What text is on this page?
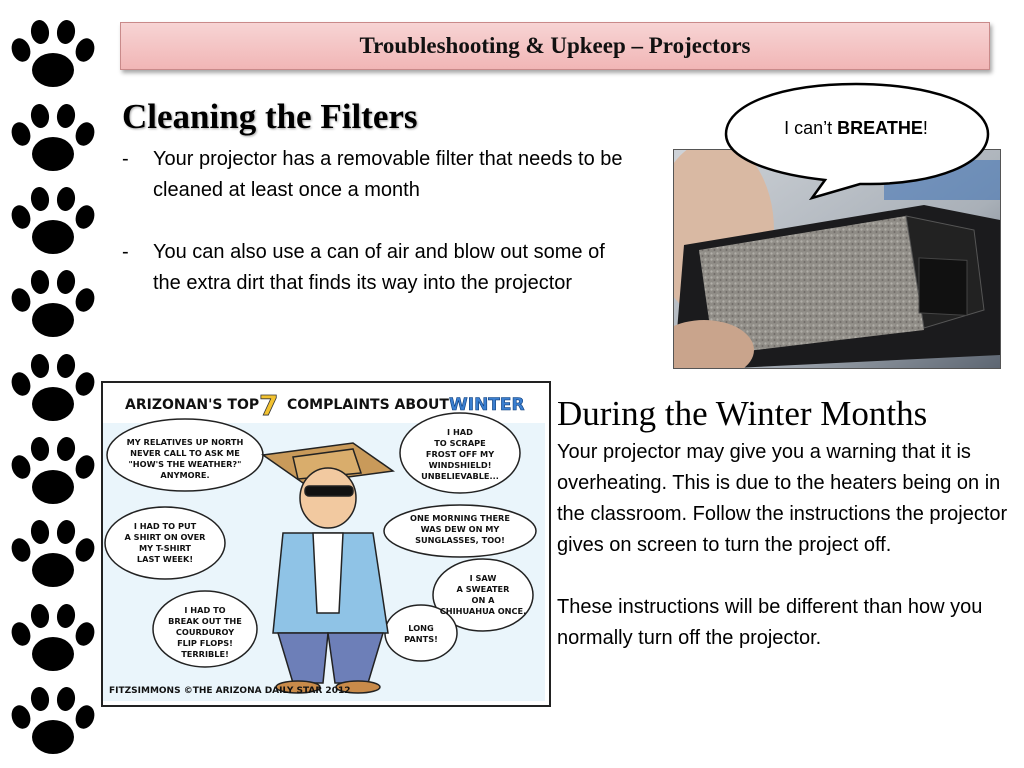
Troubleshooting & Upkeep – Projectors
Cleaning the Filters
- Your projector has a removable filter that needs to be cleaned at least once a month
- You can also use a can of air and blow out some of the extra dirt that finds its way into the projector
I can’t BREATHE!
ARIZONAN'S TOP 7 COMPLAINTS ABOUT WINTER
MY RELATIVES UP NORTH
NEVER CALL TO ASK ME
"HOW'S THE WEATHER?"
ANYMORE.
I HAD
TO SCRAPE
FROST OFF MY
WINDSHIELD!
UNBELIEVABLE...
I HAD TO PUT
A SHIRT ON OVER
MY T-SHIRT
LAST WEEK!
ONE MORNING THERE
WAS DEW ON MY
SUNGLASSES, TOO!
I SAW
A SWEATER
ON A
CHIHUAHUA ONCE.
I HAD TO
BREAK OUT THE
COURDUROY
FLIP FLOPS!
TERRIBLE!
LONG
PANTS!
FITZSIMMONS ©THE ARIZONA DAILY STAR 2012
During the Winter Months

Your projector may give you a warning that it is overheating. This is due to the heaters being on in the classroom. Follow the instructions the projector gives on screen to turn the project off.

These instructions will be different than how you normally turn off the projector.
